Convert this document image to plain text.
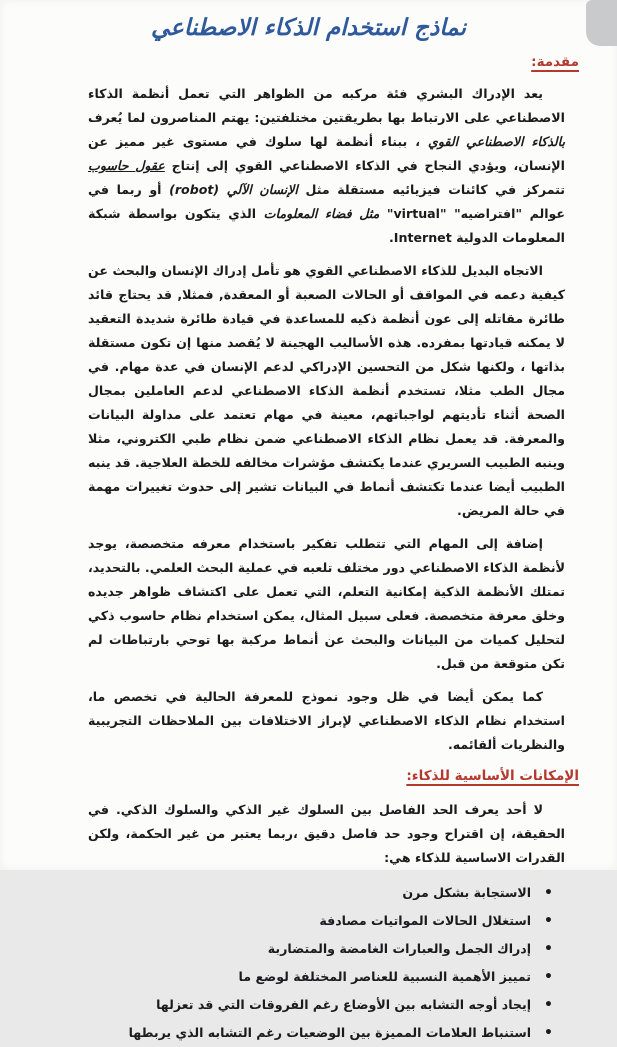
نماذج استخدام الذكاء الاصطناعي
مقدمة:

يعد الإدراك البشري فئة مركبه من الظواهر التي تعمل أنظمة الذكاء الاصطناعي على الارتباط بها بطريقتين مختلفتين: يهتم المناصرون لما يُعرف بالذكاء الاصطناعي القوي ، ببناء أنظمة لها سلوك في مستوى غير مميز عن الإنسان، ويؤدي النجاح في الذكاء الاصطناعي القوي إلى إنتاج عقول حاسوب تتمركز في كائنات فيزيائيه مستقلة مثل الإنسان الآلي (robot) أو ربما في عوالم "افتراضيه" "virtual" مثل فضاء المعلومات الذي يتكون بواسطة شبكة المعلومات الدولية Internet.

الاتجاه البديل للذكاء الاصطناعي القوي هو تأمل إدراك الإنسان والبحث عن كيفية دعمه في المواقف أو الحالات الصعبة أو المعقدة, فمثلا, قد يحتاج قائد طائرة مقاتله إلى عون أنظمة ذكيه للمساعدة في قيادة طائرة شديدة التعقيد لا يمكنه قيادتها بمفرده. هذه الأساليب الهجينة لا يُقصد منها إن تكون مستقلة بذاتها ، ولكنها شكل من التحسين الإدراكي لدعم الإنسان في عدة مهام. في مجال الطب مثلا، تستخدم أنظمة الذكاء الاصطناعي لدعم العاملين بمجال الصحة أثناء تأديتهم لواجباتهم، معينة في مهام تعتمد على مداولة البيانات والمعرفة. قد يعمل نظام الذكاء الاصطناعي ضمن نظام طبي الكتروني، مثلا وينبه الطبيب السريري عندما يكتشف مؤشرات مخالفه للخطة العلاجية. قد ينبه الطبيب أيضا عندما تكتشف أنماط في البيانات تشير إلى حدوث تغييرات مهمة في حالة المريض.

إضافة إلى المهام التي تتطلب تفكير باستخدام معرفه متخصصة، يوجد لأنظمة الذكاء الاصطناعي دور مختلف تلعبه في عملية البحث العلمي. بالتحديد، تمتلك الأنظمة الذكية إمكانية التعلم، التي تعمل على اكتشاف ظواهر جديده وخلق معرفة متخصصة. فعلى سبيل المثال، يمكن استخدام نظام حاسوب ذكي لتحليل كميات من البيانات والبحث عن أنماط مركبة بها توحي بارتباطات لم تكن متوقعة من قبل.

كما يمكن أيضا في ظل وجود نموذج للمعرفة الحالية في تخصص ما، استخدام نظام الذكاء الاصطناعي لإبراز الاختلافات بين الملاحظات التجريبية والنظريات ألقائمه.

الإمكانات الأساسية للذكاء:

لا أحد يعرف الحد الفاصل بين السلوك غير الذكي والسلوك الذكي. في الحقيقة، إن اقتراح وجود حد فاصل دقيق ،ربما يعتبر من غير الحكمة، ولكن القدرات الاساسية للذكاء هي:

• الاستجابة بشكل مرن
• استغلال الحالات المواتيات مصادفة
• إدراك الجمل والعبارات الغامضة والمتضاربة
• تمييز الأهمية النسبية للعناصر المختلفة لوضع ما
• إيجاد أوجه التشابه بين الأوضاع رغم الفروقات التي قد تعزلها
• استنباط العلامات المميزة بين الوضعيات رغم التشابه الذي يربطها
